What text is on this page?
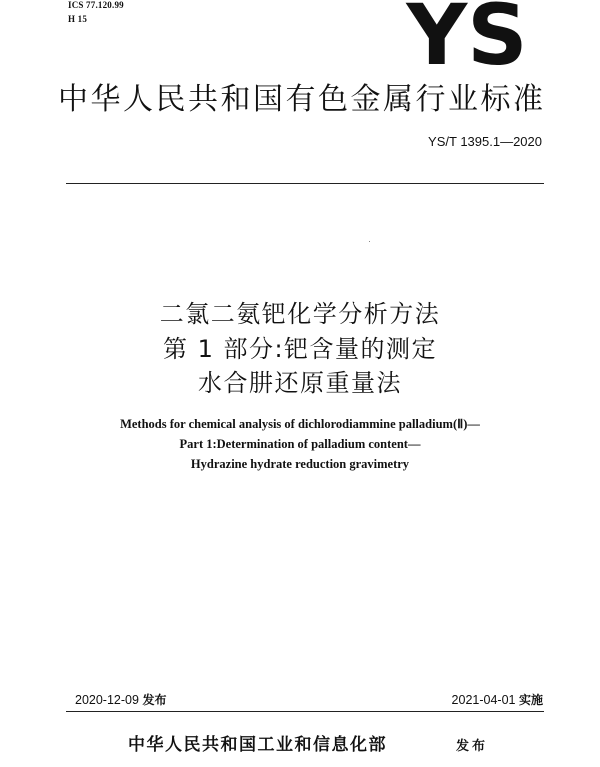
ICS 77.120.99
H 15	YS
中华人民共和国有色金属行业标准
YS/T 1395.1—2020
二氯二氨钯化学分析方法
第 1 部分:钯含量的测定
水合肼还原重量法
Methods for chemical analysis of dichlorodiammine palladium(Ⅱ)—
Part 1:Determination of palladium content—
Hydrazine hydrate reduction gravimetry
2020-12-09 发布	2021-04-01 实施
中华人民共和国工业和信息化部	发布
